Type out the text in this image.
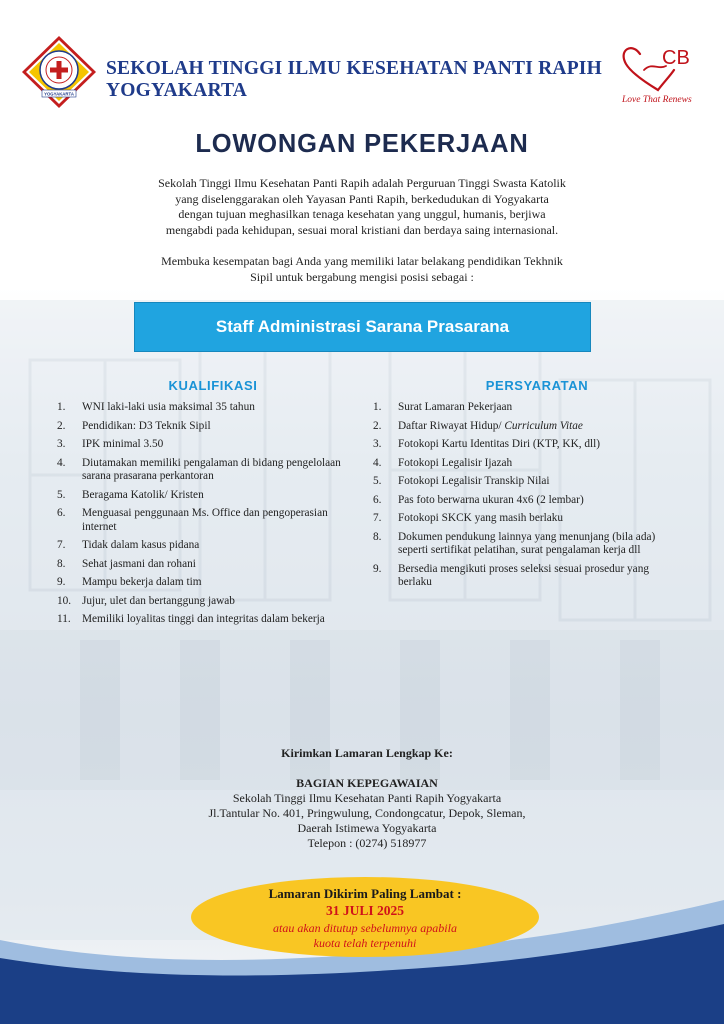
YOGYAKARTA
SEKOLAH TINGGI ILMU KESEHATAN PANTI RAPIH
YOGYAKARTA
CB
Love That Renews
LOWONGAN PEKERJAAN
Sekolah Tinggi Ilmu Kesehatan Panti Rapih adalah Perguruan Tinggi Swasta Katolik
yang diselenggarakan oleh Yayasan Panti Rapih, berkedudukan di Yogyakarta
dengan tujuan meghasilkan tenaga kesehatan yang unggul, humanis, berjiwa
mengabdi pada kehidupan, sesuai moral kristiani dan berdaya saing internasional.
Membuka kesempatan bagi Anda yang memiliki latar belakang pendidikan Tekhnik
Sipil untuk bergabung mengisi posisi sebagai :
Staff Administrasi Sarana Prasarana
KUALIFIKASI
1.	WNI laki-laki usia maksimal 35 tahun
2.	Pendidikan: D3 Teknik Sipil
3.	IPK minimal 3.50
4.	Diutamakan memiliki pengalaman di bidang pengelolaan sarana prasarana perkantoran
5.	Beragama Katolik/ Kristen
6.	Menguasai penggunaan Ms. Office dan pengoperasian internet
7.	Tidak dalam kasus pidana
8.	Sehat jasmani dan rohani
9.	Mampu bekerja dalam tim
10. Jujur, ulet dan bertanggung jawab
11. Memiliki loyalitas tinggi dan integritas dalam bekerja
PERSYARATAN
1.	Surat Lamaran Pekerjaan
2.	Daftar Riwayat Hidup/ Curriculum Vitae
3.	Fotokopi Kartu Identitas Diri (KTP, KK, dll)
4.	Fotokopi Legalisir Ijazah
5.	Fotokopi Legalisir Transkip Nilai
6.	Pas foto berwarna ukuran 4x6 (2 lembar)
7.	Fotokopi SKCK yang masih berlaku
8.	Dokumen pendukung lainnya yang menunjang (bila ada) seperti sertifikat pelatihan, surat pengalaman kerja dll
9.	Bersedia mengikuti proses seleksi sesuai prosedur yang berlaku
Kirimkan Lamaran Lengkap Ke:
BAGIAN KEPEGAWAIAN
Sekolah Tinggi Ilmu Kesehatan Panti Rapih Yogyakarta
Jl.Tantular No. 401, Pringwulung, Condongcatur, Depok, Sleman,
Daerah Istimewa Yogyakarta
Telepon : (0274) 518977
Lamaran Dikirim Paling Lambat :
31 JULI 2025
atau akan ditutup sebelumnya apabila
kuota telah terpenuhi
